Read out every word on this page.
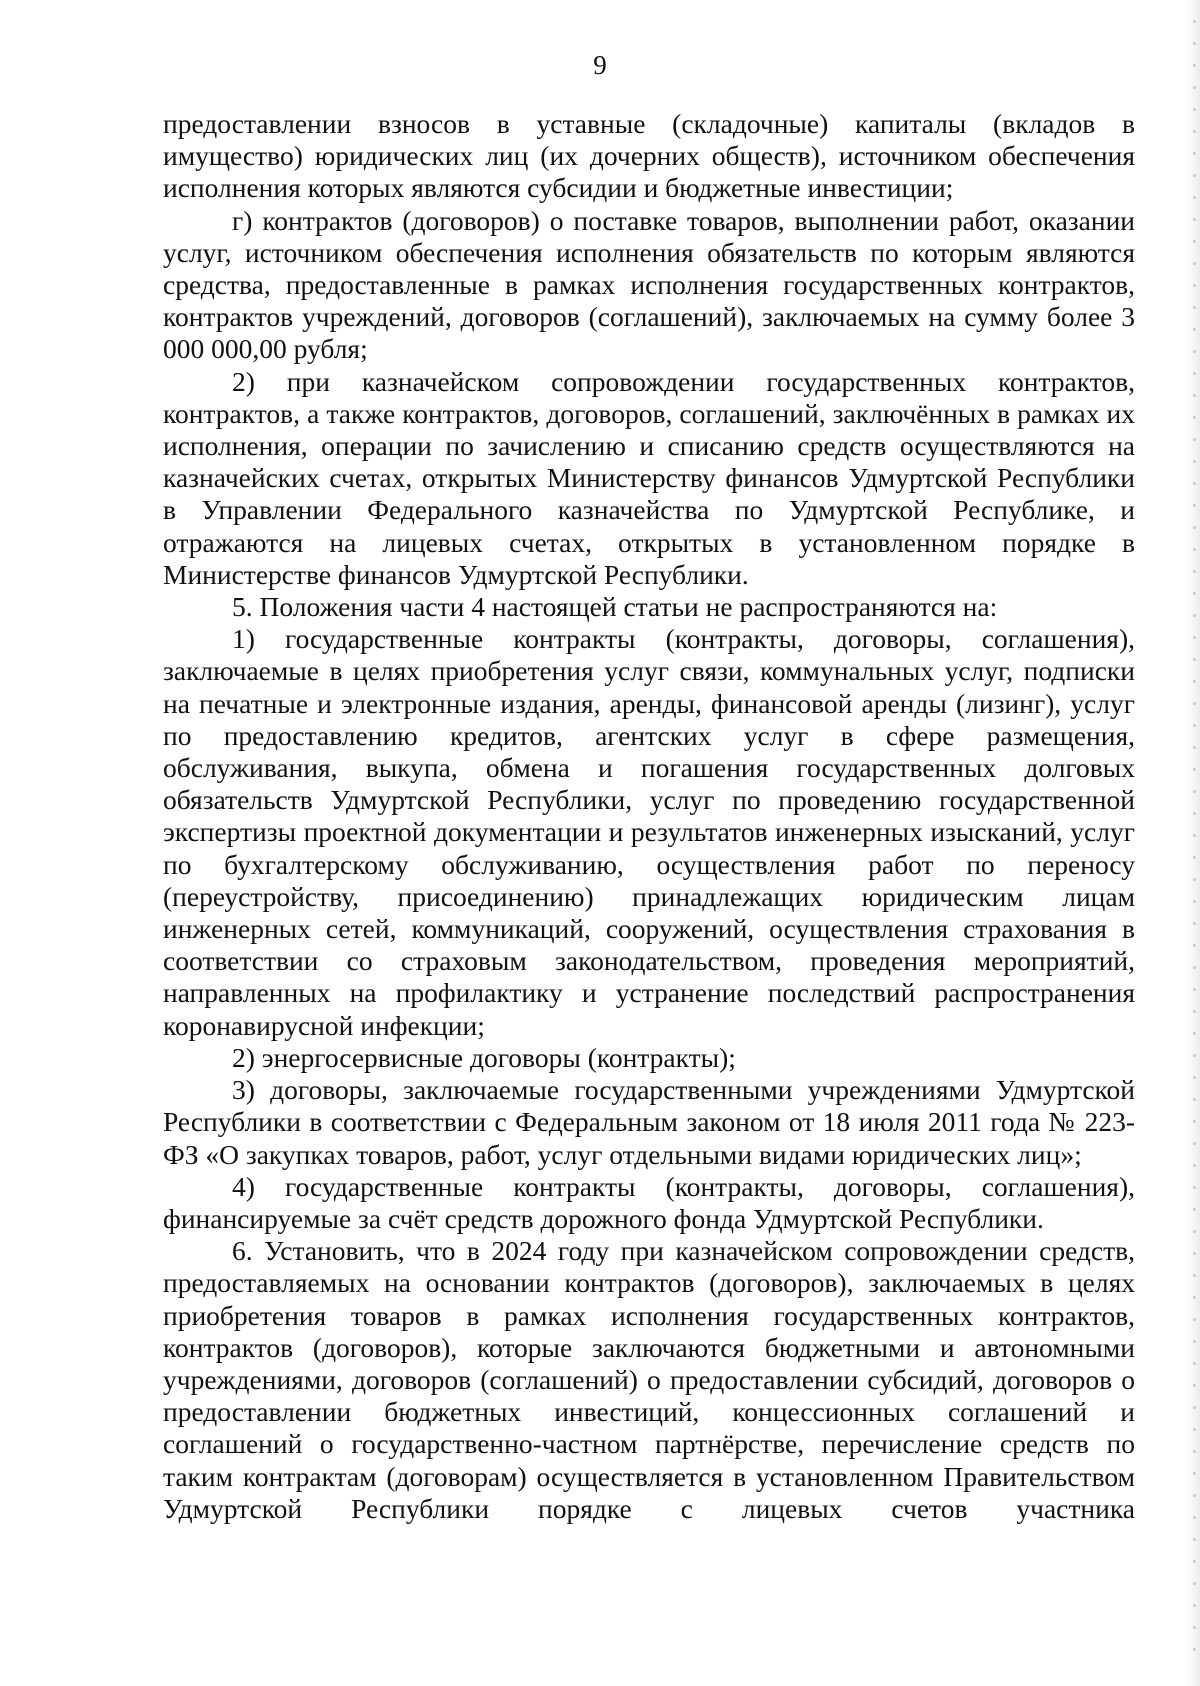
9

предоставлении взносов в уставные (складочные) капиталы (вкладов в имущество) юридических лиц (их дочерних обществ), источником обеспечения исполнения которых являются субсидии и бюджетные инвестиции;

г) контрактов (договоров) о поставке товаров, выполнении работ, оказании услуг, источником обеспечения исполнения обязательств по которым являются средства, предоставленные в рамках исполнения государственных контрактов, контрактов учреждений, договоров (соглашений), заключаемых на сумму более 3 000 000,00 рубля;

2) при казначейском сопровождении государственных контрактов, контрактов, а также контрактов, договоров, соглашений, заключённых в рамках их исполнения, операции по зачислению и списанию средств осуществляются на казначейских счетах, открытых Министерству финансов Удмуртской Республики в Управлении Федерального казначейства по Удмуртской Республике, и отражаются на лицевых счетах, открытых в установленном порядке в Министерстве финансов Удмуртской Республики.

5. Положения части 4 настоящей статьи не распространяются на:

1) государственные контракты (контракты, договоры, соглашения), заключаемые в целях приобретения услуг связи, коммунальных услуг, подписки на печатные и электронные издания, аренды, финансовой аренды (лизинг), услуг по предоставлению кредитов, агентских услуг в сфере размещения, обслуживания, выкупа, обмена и погашения государственных долговых обязательств Удмуртской Республики, услуг по проведению государственной экспертизы проектной документации и результатов инженерных изысканий, услуг по бухгалтерскому обслуживанию, осуществления работ по переносу (переустройству, присоединению) принадлежащих юридическим лицам инженерных сетей, коммуникаций, сооружений, осуществления страхования в соответствии со страховым законодательством, проведения мероприятий, направленных на профилактику и устранение последствий распространения коронавирусной инфекции;

2) энергосервисные договоры (контракты);

3) договоры, заключаемые государственными учреждениями Удмуртской Республики в соответствии с Федеральным законом от 18 июля 2011 года № 223-ФЗ «О закупках товаров, работ, услуг отдельными видами юридических лиц»;

4) государственные контракты (контракты, договоры, соглашения), финансируемые за счёт средств дорожного фонда Удмуртской Республики.

6. Установить, что в 2024 году при казначейском сопровождении средств, предоставляемых на основании контрактов (договоров), заключаемых в целях приобретения товаров в рамках исполнения государственных контрактов, контрактов (договоров), которые заключаются бюджетными и автономными учреждениями, договоров (соглашений) о предоставлении субсидий, договоров о предоставлении бюджетных инвестиций, концессионных соглашений и соглашений о государственно-частном партнёрстве, перечисление средств по таким контрактам (договорам) осуществляется в установленном Правительством Удмуртской Республики порядке с лицевых счетов участника
